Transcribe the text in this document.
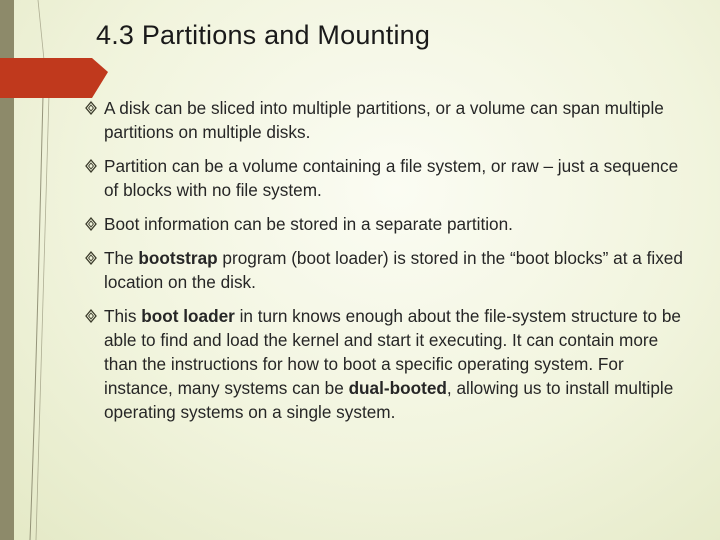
4.3 Partitions and Mounting
A disk can be sliced into multiple partitions, or a volume can span multiple partitions on multiple disks.
Partition can be a volume containing a file system, or raw – just a sequence of blocks with no file system.
Boot information can be stored in a separate partition.
The bootstrap program (boot loader) is stored in the “boot blocks” at a fixed location on the disk.
This boot loader in turn knows enough about the file-system structure to be able to find and load the kernel and start it executing. It can contain more than the instructions for how to boot a specific operating system. For instance, many systems can be dual-booted, allowing us to install multiple operating systems on a single system.
